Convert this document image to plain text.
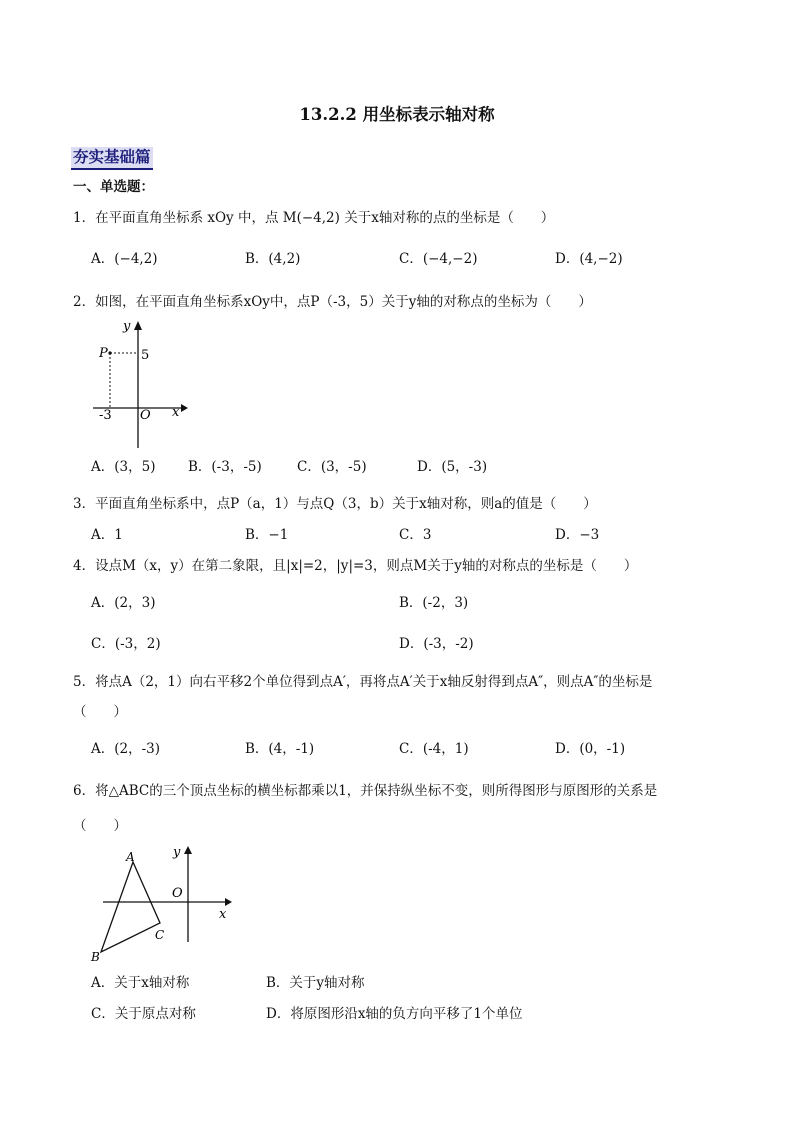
13.2.2 用坐标表示轴对称
夯实基础篇
一、单选题：
1．在平面直角坐标系 xOy 中，点 M(−4,2) 关于x轴对称的点的坐标是（　　）
A．(−4,2)	B．(4,2)	C．(−4,−2)	D．(4,−2)
2．如图，在平面直角坐标系xOy中，点P（-3，5）关于y轴的对称点的坐标为（　　）
y
P	5
-3 O x
A．(3，5) B．(-3，-5)	C．(3，-5)	D．(5，-3)
3．平面直角坐标系中，点P（a，1）与点Q（3，b）关于x轴对称，则a的值是（　　）
A．1	B．−1	C．3	D．−3
4．设点M（x，y）在第二象限，且|x|=2，|y|=3，则点M关于y轴的对称点的坐标是（　　）
A．(2，3)	B．(-2，3)
C．(-3，2)	D．(-3，-2)
5．将点A（2，1）向右平移2个单位得到点A′，再将点A′关于x轴反射得到点A″，则点A″的坐标是
（　　）
A．(2，-3)	B．(4，-1)	C．(-4，1)	D．(0，-1)
6．将△ABC的三个顶点坐标的横坐标都乘以1，并保持纵坐标不变，则所得图形与原图形的关系是
（　　）
y
A
O
x
C
B
A．关于x轴对称	B．关于y轴对称
C．关于原点对称	D．将原图形沿x轴的负方向平移了1个单位
